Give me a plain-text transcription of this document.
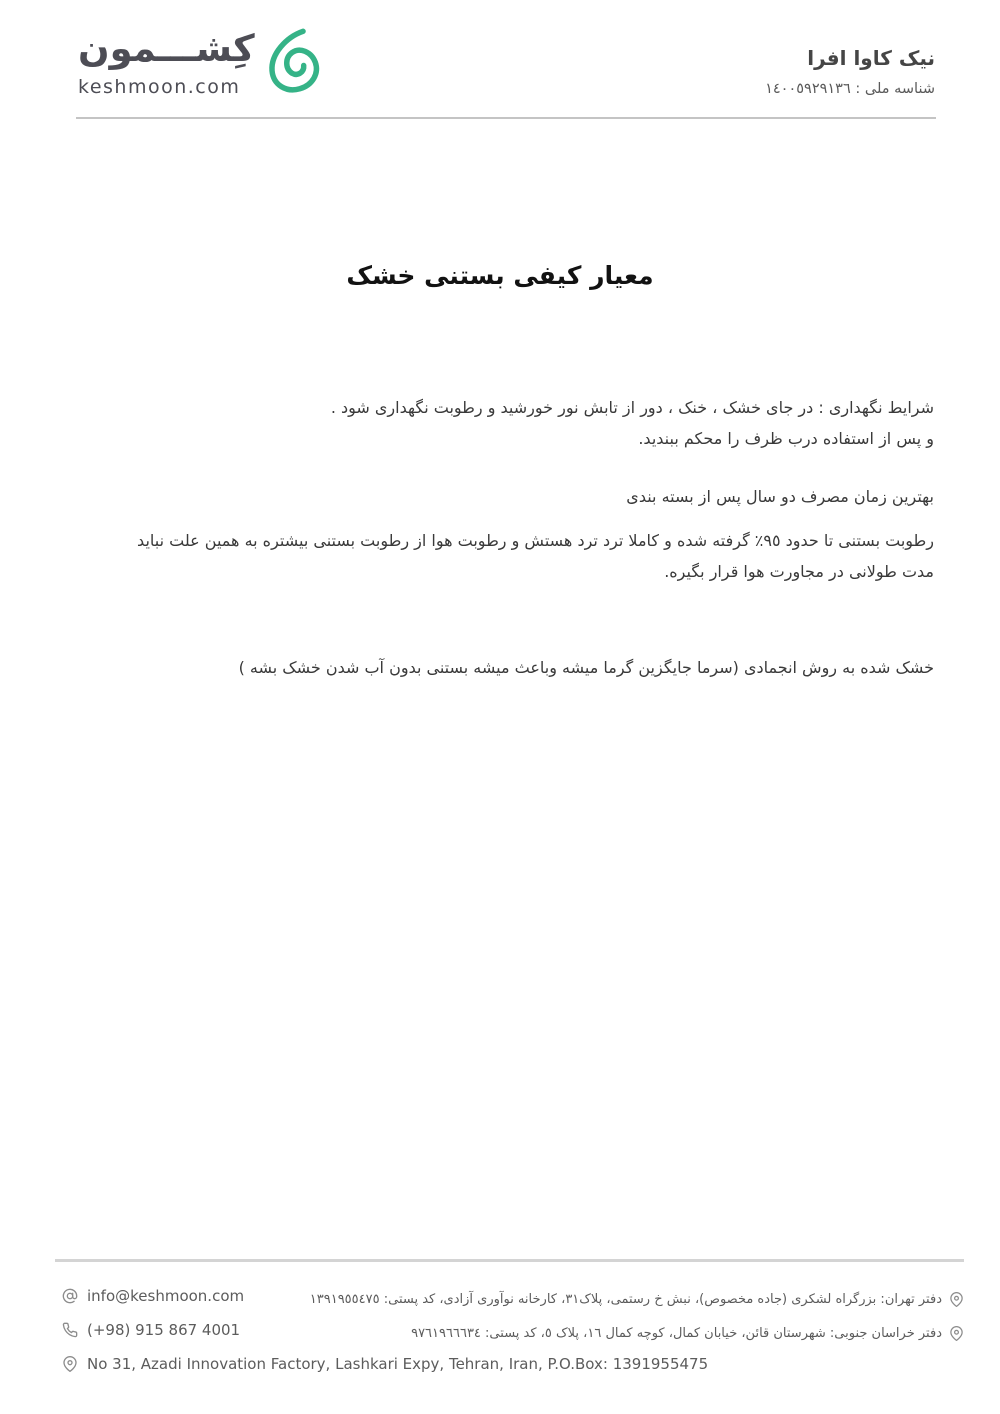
کِشـــمون
keshmoon.com
نیک کاوا افرا
شناسه ملی : ١٤٠٠٥٩٢٩١٣٦
معیار کیفی بستنی خشک
شرایط نگهداری : در جای خشک ، خنک ، دور از تابش نور خورشید و رطوبت نگهداری شود .
و پس از استفاده درب ظرف را محکم ببندید.
بهترین زمان مصرف دو سال پس از بسته بندی
رطوبت بستنی تا حدود ٩٥٪ گرفته شده و کاملا ترد ترد هستش و رطوبت هوا از رطوبت بستنی بیشتره به همین علت نباید
مدت طولانی در مجاورت هوا قرار بگیره.
خشک شده به روش انجمادی (سرما جایگزین گرما میشه وباعث میشه بستنی بدون آب شدن خشک بشه )
info@keshmoon.com
(+98) 915 867 4001
No 31, Azadi Innovation Factory, Lashkari Expy, Tehran, Iran, P.O.Box: 1391955475
دفتر تهران: بزرگراه لشکری (جاده مخصوص)، نبش خ رستمی، پلاک٣١، کارخانه نوآوری آزادی، کد پستی: ١٣٩١٩٥٥٤٧٥
دفتر خراسان جنوبی: شهرستان قائن، خیابان کمال، کوچه کمال ١٦، پلاک ٥، کد پستی: ٩٧٦١٩٦٦٦٣٤
